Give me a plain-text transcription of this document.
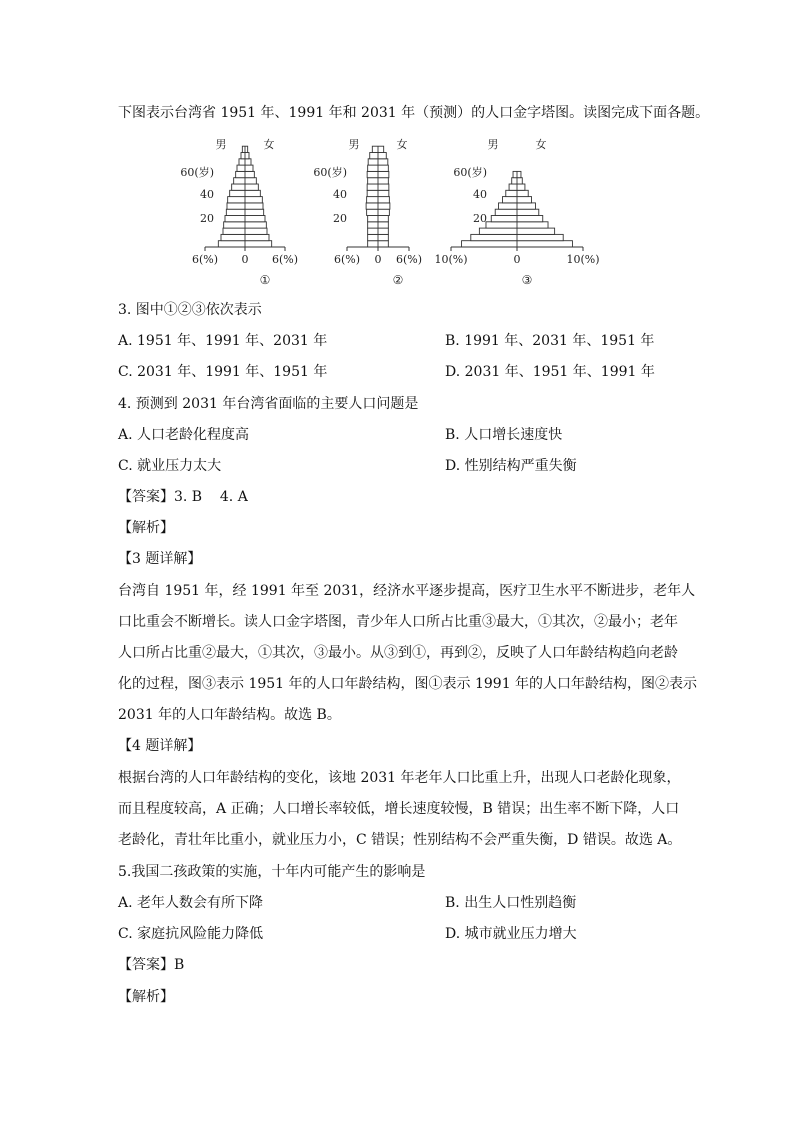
下图表示台湾省 1951 年、1991 年和 2031 年（预测）的人口金字塔图。读图完成下面各题。
6(%) 0 6(%)
男	女
60(岁)
40
20
①
6(%) 0 6(%)
男	女
60(岁)
40
20
②
10(%)	0	10(%)
男	女
60(岁)
40
20
③
3. 图中①②③依次表示
A. 1951 年、1991 年、2031 年	B. 1991 年、2031 年、1951 年
C. 2031 年、1991 年、1951 年	D. 2031 年、1951 年、1991 年
4. 预测到 2031 年台湾省面临的主要人口问题是
A. 人口老龄化程度高	B. 人口增长速度快
C. 就业压力太大	D. 性别结构严重失衡
【答案】3. B    4. A
【解析】
【3 题详解】
台湾自 1951 年，经 1991 年至 2031，经济水平逐步提高，医疗卫生水平不断进步，老年人
口比重会不断增长。读人口金字塔图，青少年人口所占比重③最大，①其次，②最小；老年
人口所占比重②最大，①其次，③最小。从③到①，再到②，反映了人口年龄结构趋向老龄
化的过程，图③表示 1951 年的人口年龄结构，图①表示 1991 年的人口年龄结构，图②表示
2031 年的人口年龄结构。故选 B。
【4 题详解】
根据台湾的人口年龄结构的变化，该地 2031 年老年人口比重上升，出现人口老龄化现象，
而且程度较高，A 正确；人口增长率较低，增长速度较慢，B 错误；出生率不断下降，人口
老龄化，青壮年比重小，就业压力小，C 错误；性别结构不会严重失衡，D 错误。故选 A。
5.我国二孩政策的实施，十年内可能产生的影响是
A. 老年人数会有所下降	B. 出生人口性别趋衡
C. 家庭抗风险能力降低	D. 城市就业压力增大
【答案】B
【解析】
